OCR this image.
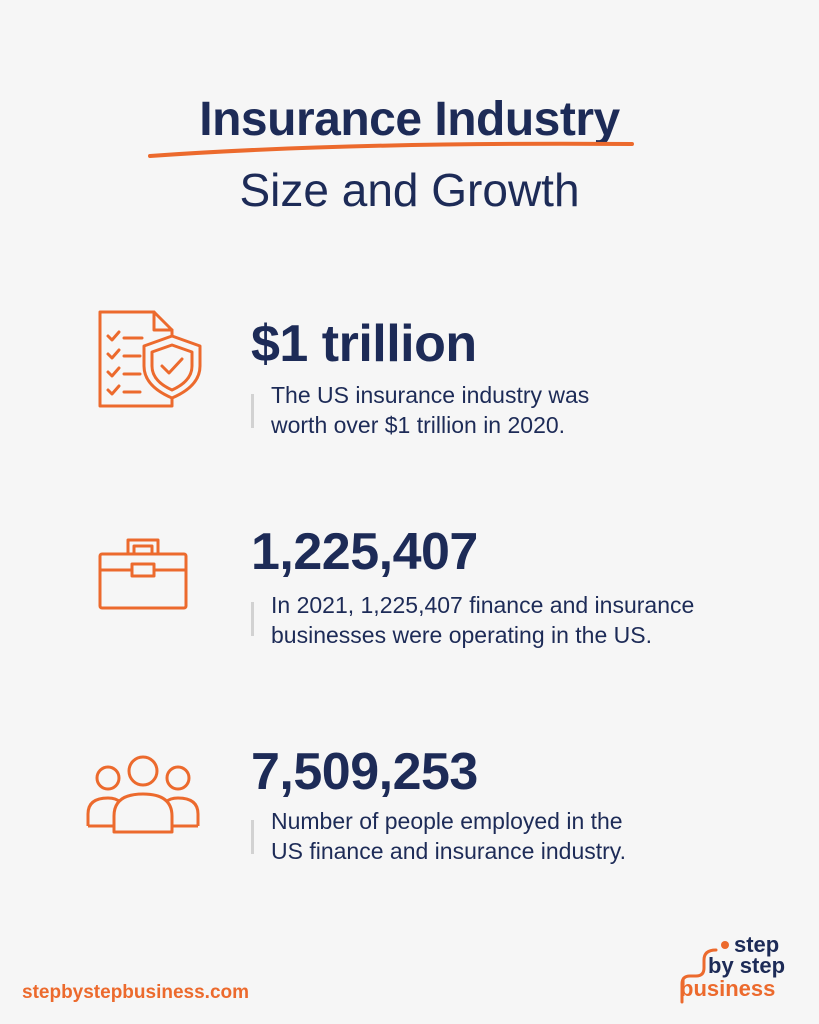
Insurance Industry
Size and Growth
$1 trillion
The US insurance industry was
worth over $1 trillion in 2020.
1,225,407
In 2021, 1,225,407 finance and insurance
businesses were operating in the US.
7,509,253
Number of people employed in the
US finance and insurance industry.
stepbystepbusiness.com
step
by step
business
